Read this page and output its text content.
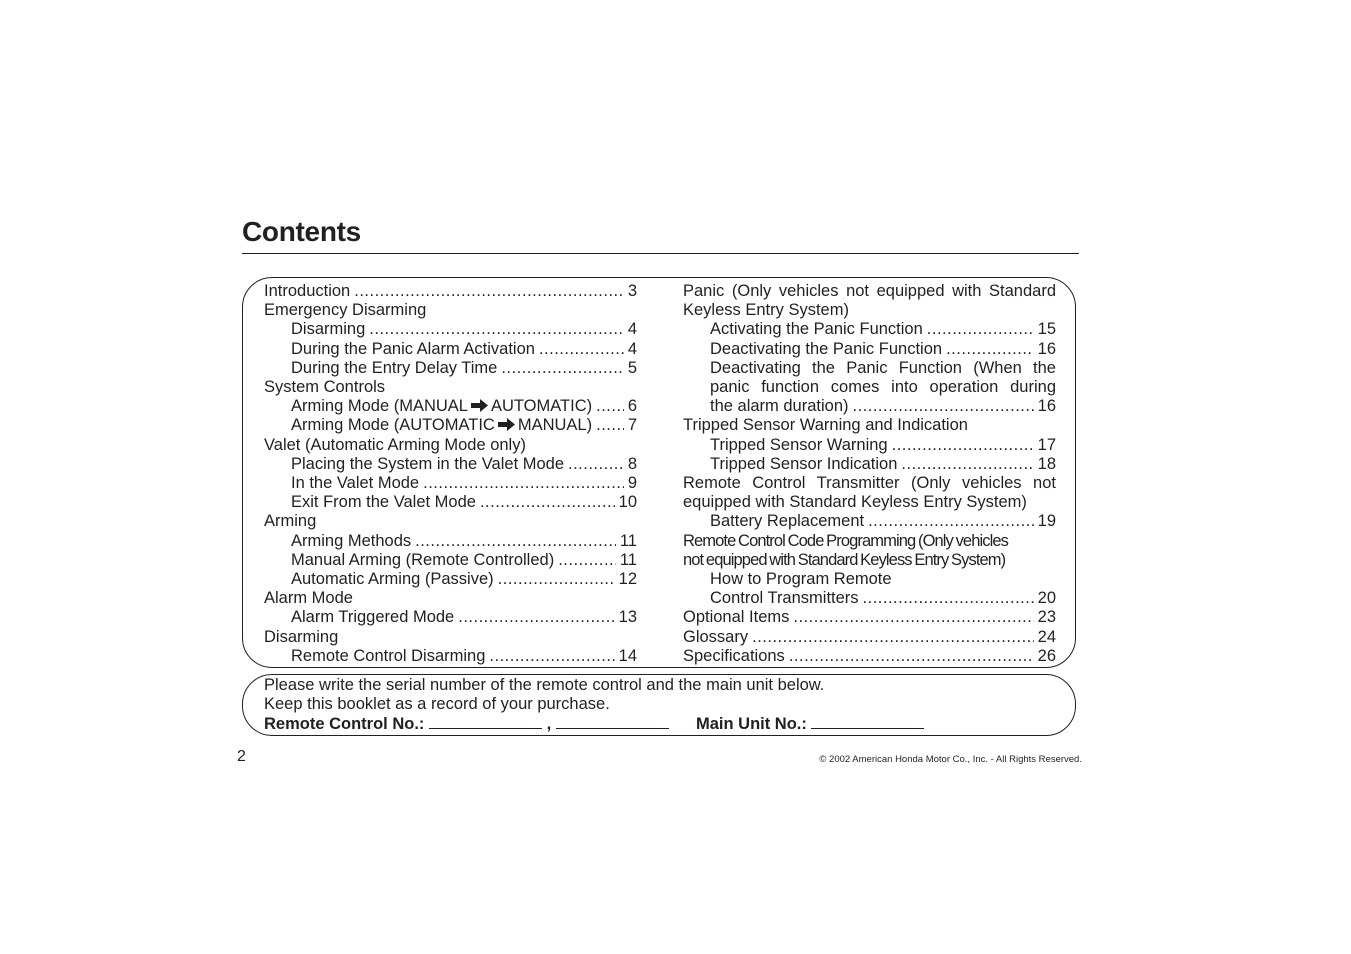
Contents
Introduction .....	3
Emergency Disarming
Disarming .....	4
During the Panic Alarm Activation .....	4
During the Entry Delay Time .....	5
System Controls
Arming Mode (MANUAL AUTOMATIC) ..... 6
Arming Mode (AUTOMATIC MANUAL) ..... 7
Valet (Automatic Arming Mode only)
Placing the System in the Valet Mode .....	8
In the Valet Mode .....	9
Exit From the Valet Mode .....	10
Arming
Arming Methods .....	11
Manual Arming (Remote Controlled) .....	11
Automatic Arming (Passive) .....	12
Alarm Mode
Alarm Triggered Mode .....	13
Disarming
Remote Control Disarming .....	14
Panic (Only vehicles not equipped with Standard Keyless Entry System)
Activating the Panic Function .....	15
Deactivating the Panic Function .....	16
Deactivating the Panic Function (When the panic function comes into operation during
the alarm duration) .....	16
Tripped Sensor Warning and Indication
Tripped Sensor Warning .....	17
Tripped Sensor Indication .....	18
Remote Control Transmitter (Only vehicles not equipped with Standard Keyless Entry System)
Battery Replacement .....	19
Remote Control Code Programming (Only vehicles
not equipped with Standard Keyless Entry System)
How to Program Remote
Control Transmitters .....	20
Optional Items .....	23
Glossary .....	24
Specifications .....	26
Please write the serial number of the remote control and the main unit below.
Keep this booklet as a record of your purchase.
Remote Control No.:	,	Main Unit No.:
2	© 2002 American Honda Motor Co., Inc. - All Rights Reserved.
